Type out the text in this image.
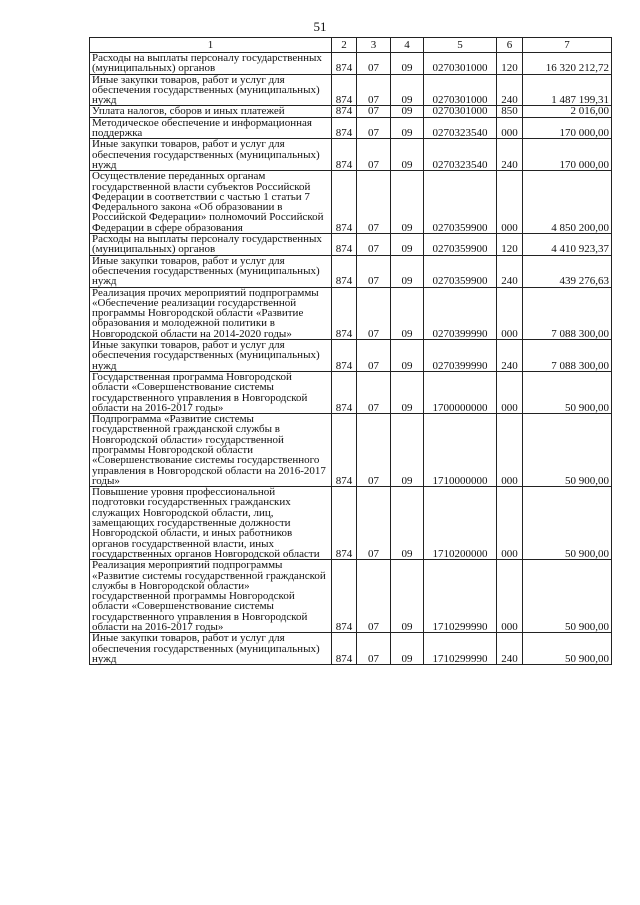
51
1	2	3	4	5	6	7
Расходы на выплаты персоналу государственных (муниципальных) органов	874	07	09	0270301000	120	16 320 212,72
Иные закупки товаров, работ и услуг для обеспечения государственных (муниципальных) нужд	874	07	09	0270301000	240	1 487 199,31
Уплата налогов, сборов и иных платежей	874	07	09	0270301000	850	2 016,00
Методическое обеспечение и информационная поддержка	874	07	09	0270323540	000	170 000,00
Иные закупки товаров, работ и услуг для обеспечения государственных (муниципальных) нужд	874	07	09	0270323540	240	170 000,00
Осуществление переданных органам государственной власти субъектов Российской Федерации в соответствии с частью 1 статьи 7 Федерального закона «Об образовании в Российской Федерации» полномочий Российской Федерации в сфере образования	874	07	09	0270359900	000	4 850 200,00
Расходы на выплаты персоналу государственных (муниципальных) органов	874	07	09	0270359900	120	4 410 923,37
Иные закупки товаров, работ и услуг для обеспечения государственных (муниципальных) нужд	874	07	09	0270359900	240	439 276,63
Реализация прочих мероприятий подпрограммы «Обеспечение реализации государственной программы Новгородской области «Развитие образования и молодежной политики в Новгородской области на 2014-2020 годы»	874	07	09	0270399990	000	7 088 300,00
Иные закупки товаров, работ и услуг для обеспечения государственных (муниципальных) нужд	874	07	09	0270399990	240	7 088 300,00
Государственная программа Новгородской области «Совершенствование системы государственного управления в Новгородской области на 2016-2017 годы»	874	07	09	1700000000	000	50 900,00
Подпрограмма «Развитие системы государственной гражданской службы в Новгородской области» государственной программы Новгородской области «Совершенствование системы государственного управления в Новгородской области на 2016-2017 годы»	874	07	09	1710000000	000	50 900,00
Повышение уровня профессиональной подготовки государственных гражданских служащих Новгородской области, лиц, замещающих государственные должности Новгородской области, и иных работников органов государственной власти, иных государственных органов Новгородской области	874	07	09	1710200000	000	50 900,00
Реализация мероприятий подпрограммы «Развитие системы государственной гражданской службы в Новгородской области» государственной программы Новгородской области «Совершенствование системы государственного управления в Новгородской области на 2016-2017 годы»	874	07	09	1710299990	000	50 900,00
Иные закупки товаров, работ и услуг для обеспечения государственных (муниципальных) нужд	874	07	09	1710299990	240	50 900,00
